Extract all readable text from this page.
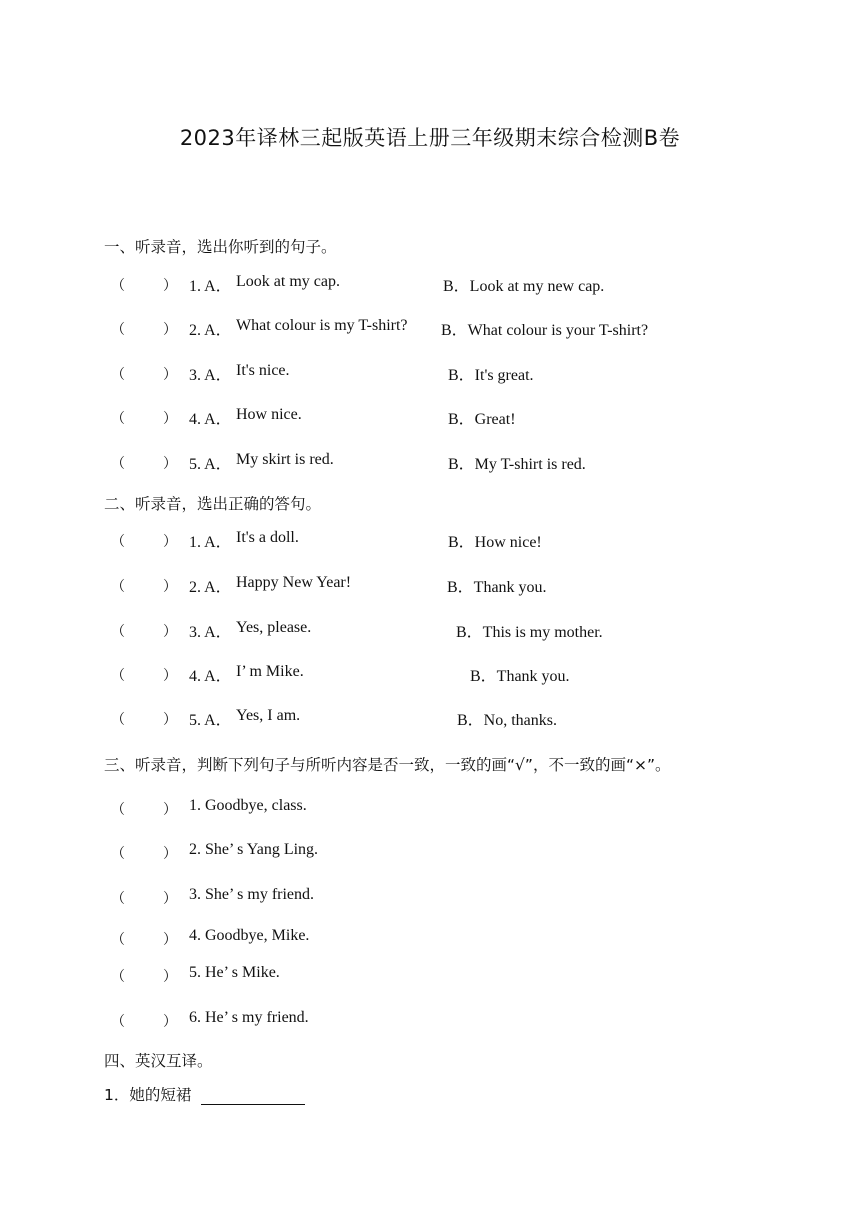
2023年译林三起版英语上册三年级期末综合检测B卷
一、听录音，选出你听到的句子。
（	） 1. A． Look at my cap.	B．Look at my new cap.
（	） 2. A． What colour is my T-shirt? B．What colour is your T-shirt?
（	） 3. A． It's nice.	B．It's great.
（	） 4. A． How nice.	B．Great!
（	） 5. A． My skirt is red.	B．My T-shirt is red.
二、听录音，选出正确的答句。
（	） 1. A． It's a doll.	B．How nice!
（	） 2. A． Happy New Year!	B．Thank you.
（	） 3. A． Yes, please.	B．This is my mother.
（	） 4. A． I’ m Mike.	B．Thank you.
（	） 5. A． Yes, I am.	B．No, thanks.
三、听录音，判断下列句子与所听内容是否一致，一致的画“√”，不一致的画“×”。
（	） 1. Goodbye, class.
（	） 2. She’ s Yang Ling.
（	） 3. She’ s my friend.
（	） 4. Goodbye, Mike.
（	） 5. He’ s Mike.
（	） 6. He’ s my friend.
四、英汉互译。
1．她的短裙
